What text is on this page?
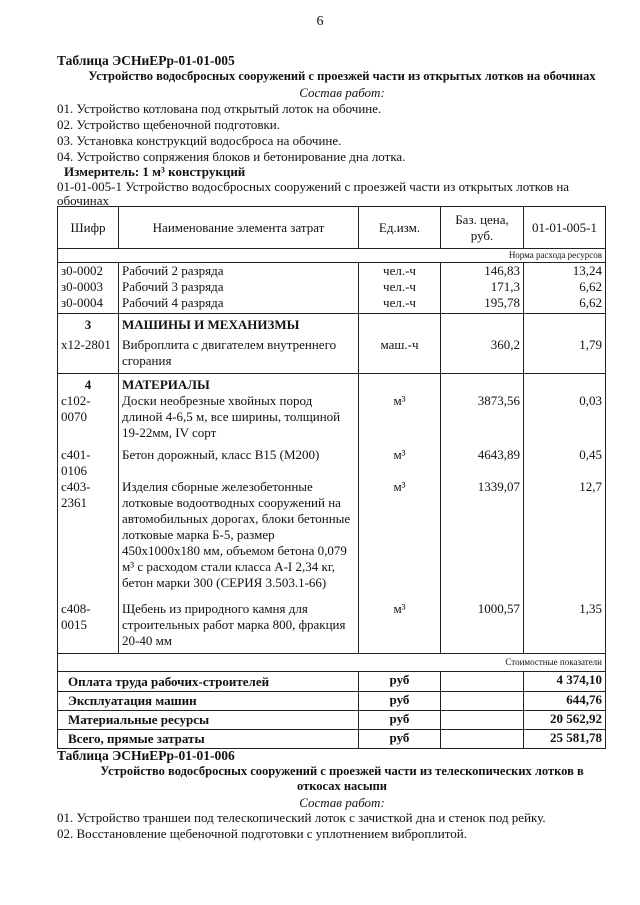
6
Таблица ЭСНиЕРр-01-01-005
Устройство водосбросных сооружений с проезжей части из открытых лотков на обочинах
Состав работ:
01. Устройство котлована под открытый лоток на обочине.
02. Устройство щебеночной подготовки.
03. Установка конструкций водосброса на обочине.
04. Устройство сопряжения блоков и бетонирование дна лотка.
Измеритель: 1 м³ конструкций
01-01-005-1 Устройство водосбросных сооружений с проезжей части из открытых лотков на
обочинах
Шифр	Наименование элемента затрат	Ед.изм.	Баз. цена, руб.	01-01-005-1
Норма расхода ресурсов				
з0-0002	Рабочий 2 разряда	чел.-ч	146,83	13,24
з0-0003	Рабочий 3 разряда	чел.-ч	171,3	6,62
з0-0004	Рабочий 4 разряда	чел.-ч	195,78	6,62
3	МАШИНЫ И МЕХАНИЗМЫ			
х12-2801	Виброплита с двигателем внутреннего сгорания	маш.-ч	360,2	1,79
4	МАТЕРИАЛЫ			
с102-0070	Доски необрезные хвойных пород длиной 4-6,5 м, все ширины, толщиной 19-22мм, IV сорт	м³	3873,56	0,03
с401-0106	Бетон дорожный, класс B15 (M200)	м³	4643,89	0,45
с403-2361	Изделия сборные железобетонные лотковые водоотводных сооружений на автомобильных дорогах, блоки бетонные лотковые марка Б-5, размер 450х1000х180 мм, объемом бетона 0,079 м³ с расходом стали класса А-I 2,34 кг, бетон марки 300 (СЕРИЯ 3.503.1-66)	м³	1339,07	12,7
с408-0015	Щебень из природного камня для строительных работ марка 800, фракция 20-40 мм	м³	1000,57	1,35
Стоимостные показатели				
Оплата труда рабочих-строителей		руб		4 374,10
Эксплуатация машин		руб		644,76
Материальные ресурсы		руб		20 562,92
Всего, прямые затраты		руб		25 581,78
Таблица ЭСНиЕРр-01-01-006
Устройство водосбросных сооружений с проезжей части из телескопических лотков в
откосах насыпи
Состав работ:
01. Устройство траншеи под телескопический лоток с зачисткой дна и стенок под рейку.
02. Восстановление щебеночной подготовки с уплотнением виброплитой.
